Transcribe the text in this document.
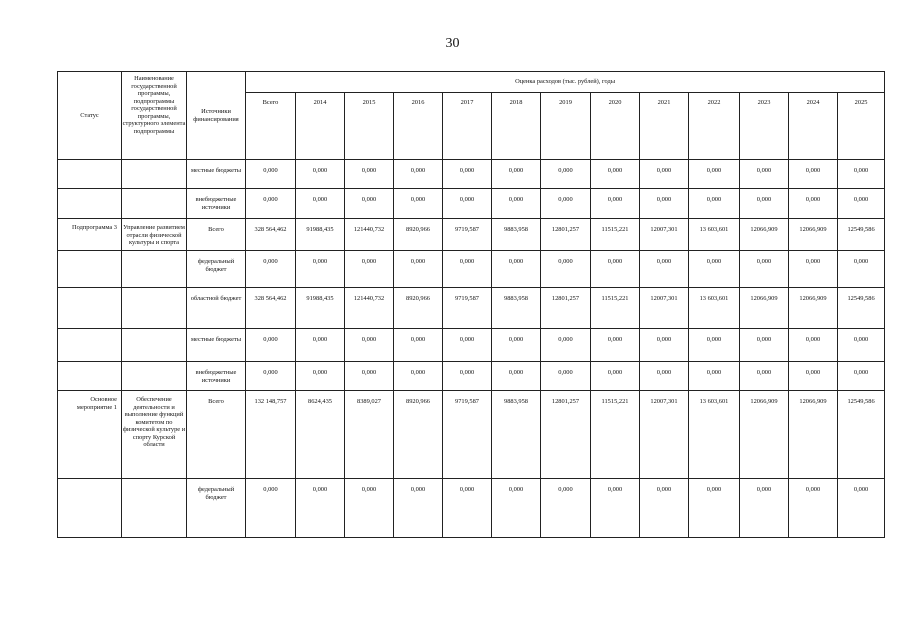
30
Статус	Наименование государственной программы, подпрограммы государственной программы, структурного элемента подпрограммы	Источники финансирования	Оценка расходов (тыс. рублей), годы												
			Всего	2014	2015	2016	2017	2018	2019	2020	2021	2022	2023	2024	2025
		местные бюджеты	0,000	0,000	0,000	0,000	0,000	0,000	0,000	0,000	0,000	0,000	0,000	0,000	0,000
		внебюджетные источники	0,000	0,000	0,000	0,000	0,000	0,000	0,000	0,000	0,000	0,000	0,000	0,000	0,000
Подпрограмма 3	Управление развитием отрасли физической культуры и спорта	Всего	328 564,462	91988,435	121440,732	8920,966	9719,587	9883,958	12801,257	11515,221	12007,301	13 603,601	12066,909	12066,909	12549,586
		федеральный бюджет	0,000	0,000	0,000	0,000	0,000	0,000	0,000	0,000	0,000	0,000	0,000	0,000	0,000
		областной бюджет	328 564,462	91988,435	121440,732	8920,966	9719,587	9883,958	12801,257	11515,221	12007,301	13 603,601	12066,909	12066,909	12549,586
		местные бюджеты	0,000	0,000	0,000	0,000	0,000	0,000	0,000	0,000	0,000	0,000	0,000	0,000	0,000
		внебюджетные источники	0,000	0,000	0,000	0,000	0,000	0,000	0,000	0,000	0,000	0,000	0,000	0,000	0,000
Основное мероприятие 1	Обеспечение деятельности и выполнение функций комитетом по физической культуре и спорту Курской области	Всего	132 148,757	8624,435	8389,027	8920,966	9719,587	9883,958	12801,257	11515,221	12007,301	13 603,601	12066,909	12066,909	12549,586
		федеральный бюджет	0,000	0,000	0,000	0,000	0,000	0,000	0,000	0,000	0,000	0,000	0,000	0,000	0,000
